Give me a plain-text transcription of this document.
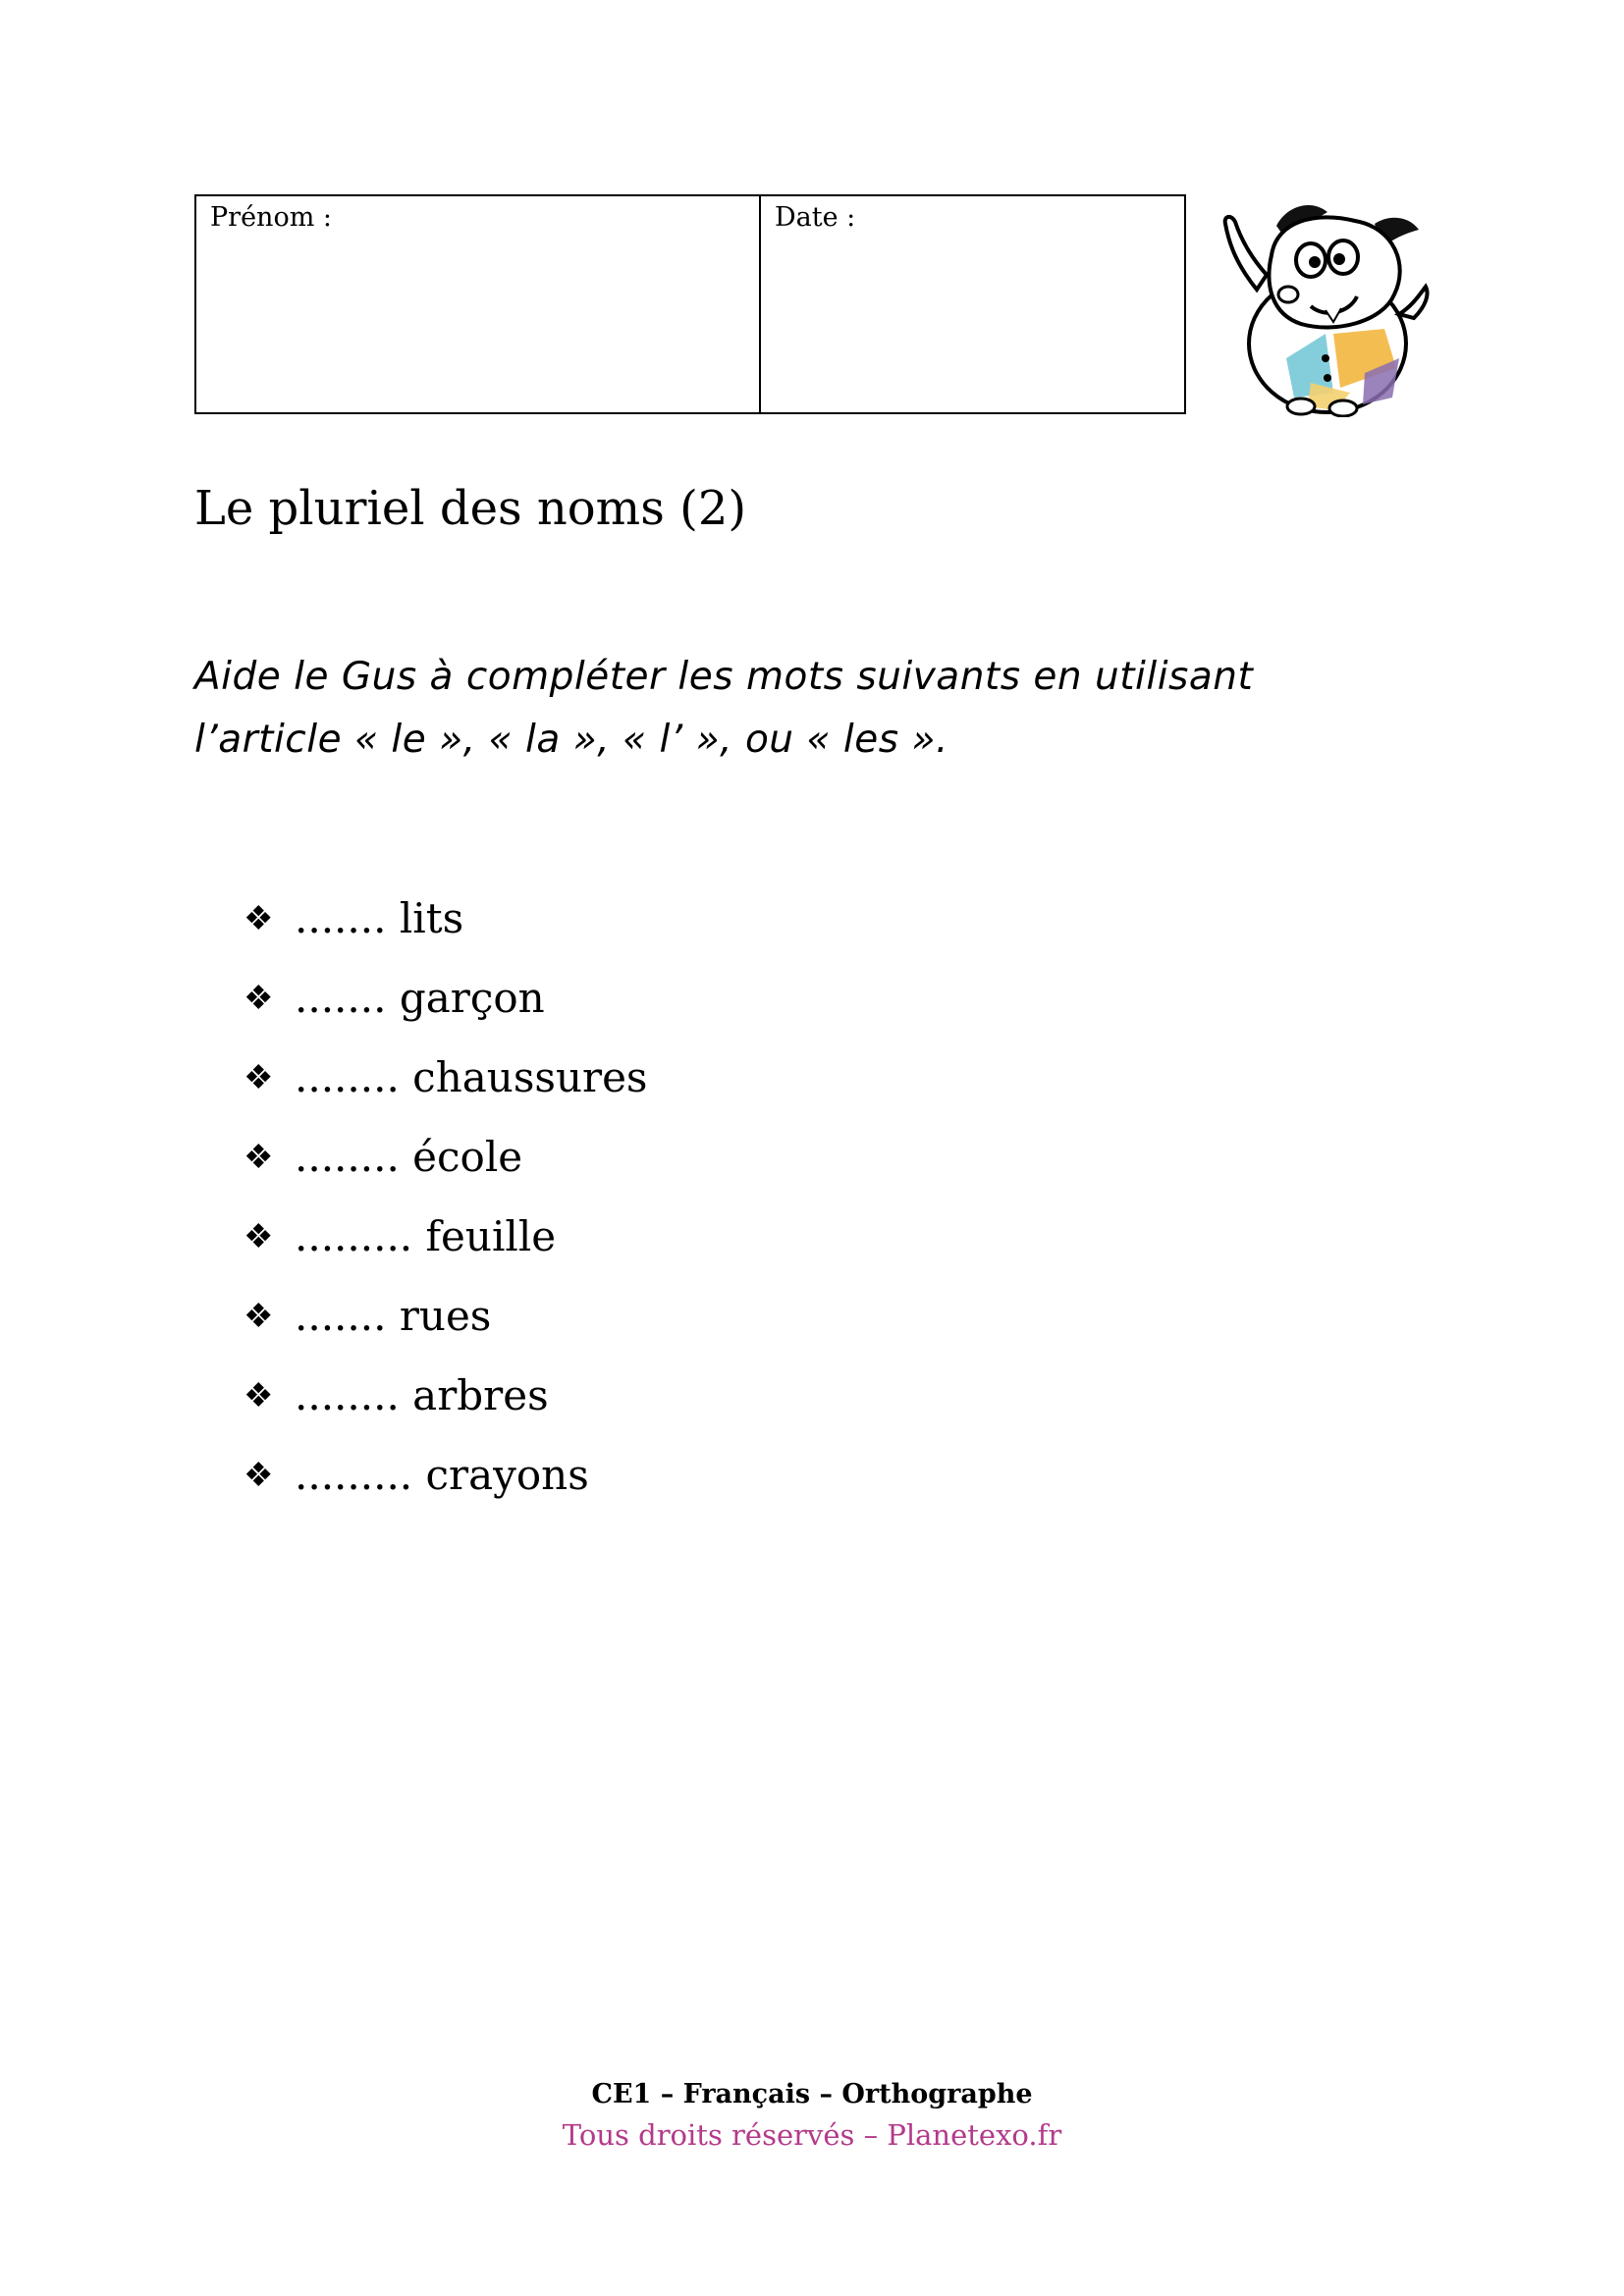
Prénom :	Date :
Le pluriel des noms (2)

Aide le Gus à compléter les mots suivants en utilisant l’article « le », « la », « l’ », ou « les ».

❖ ....... lits
❖ ....... garçon
❖ ........ chaussures
❖ ........ école
❖ ......... feuille
❖ ....... rues
❖ ........ arbres
❖ ......... crayons
CE1 – Français – Orthographe
Tous droits réservés – Planetexo.fr
